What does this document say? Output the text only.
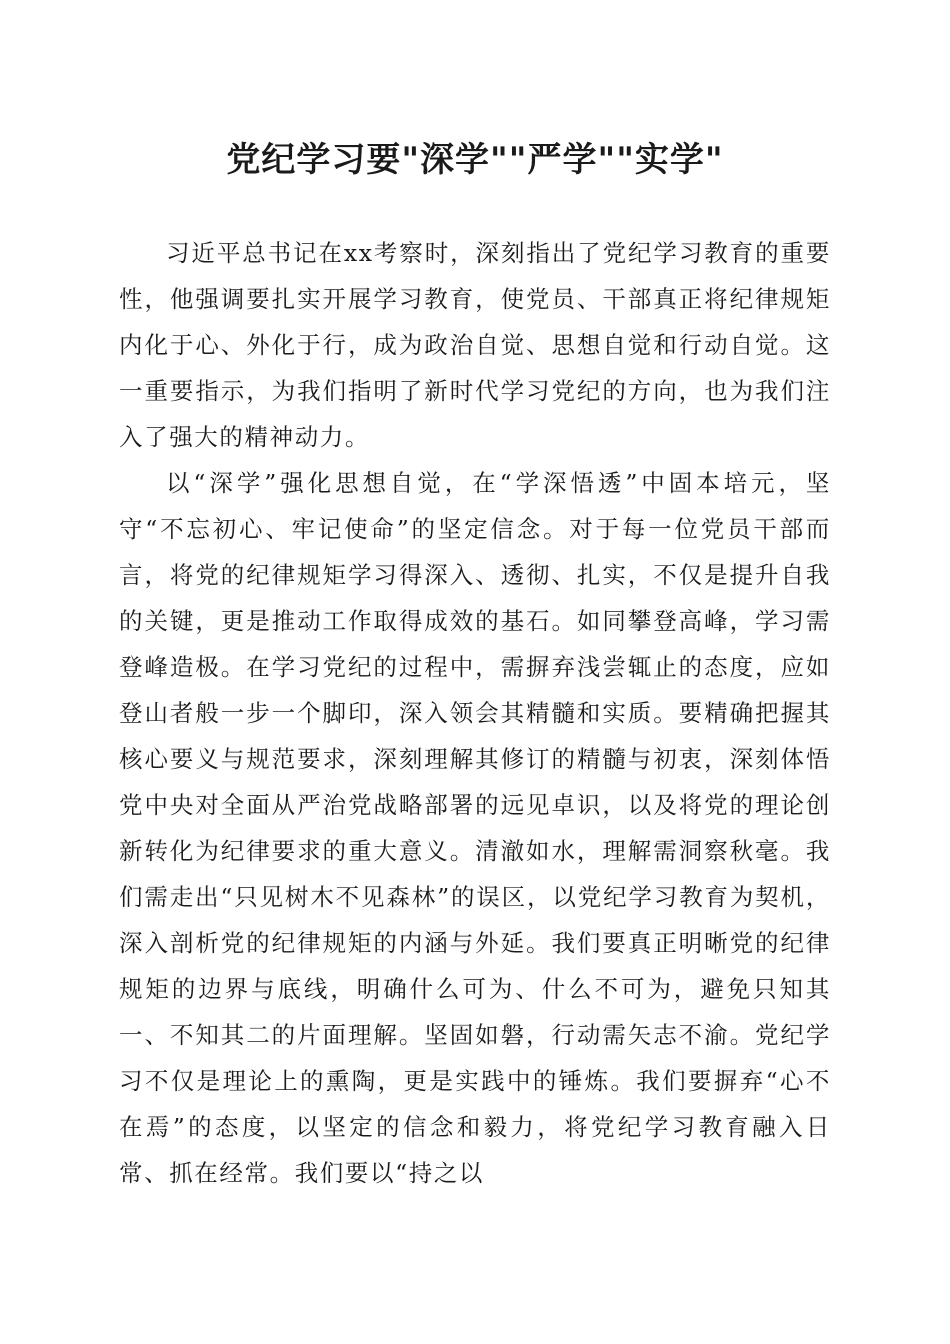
党纪学习要"深学""严学""实学"

习近平总书记在xx考察时，深刻指出了党纪学习教育的重要性，他强调要扎实开展学习教育，使党员、干部真正将纪律规矩内化于心、外化于行，成为政治自觉、思想自觉和行动自觉。这一重要指示，为我们指明了新时代学习党纪的方向，也为我们注入了强大的精神动力。

以“深学”强化思想自觉，在“学深悟透”中固本培元，坚守“不忘初心、牢记使命”的坚定信念。对于每一位党员干部而言，将党的纪律规矩学习得深入、透彻、扎实，不仅是提升自我的关键，更是推动工作取得成效的基石。如同攀登高峰，学习需登峰造极。在学习党纪的过程中，需摒弃浅尝辄止的态度，应如登山者般一步一个脚印，深入领会其精髓和实质。要精确把握其核心要义与规范要求，深刻理解其修订的精髓与初衷，深刻体悟党中央对全面从严治党战略部署的远见卓识，以及将党的理论创新转化为纪律要求的重大意义。清澈如水，理解需洞察秋毫。我们需走出“只见树木不见森林”的误区，以党纪学习教育为契机，深入剖析党的纪律规矩的内涵与外延。我们要真正明晰党的纪律规矩的边界与底线，明确什么可为、什么不可为，避免只知其一、不知其二的片面理解。坚固如磐，行动需矢志不渝。党纪学习不仅是理论上的熏陶，更是实践中的锤炼。我们要摒弃“心不在焉”的态度，以坚定的信念和毅力，将党纪学习教育融入日常、抓在经常。我们要以“持之以
